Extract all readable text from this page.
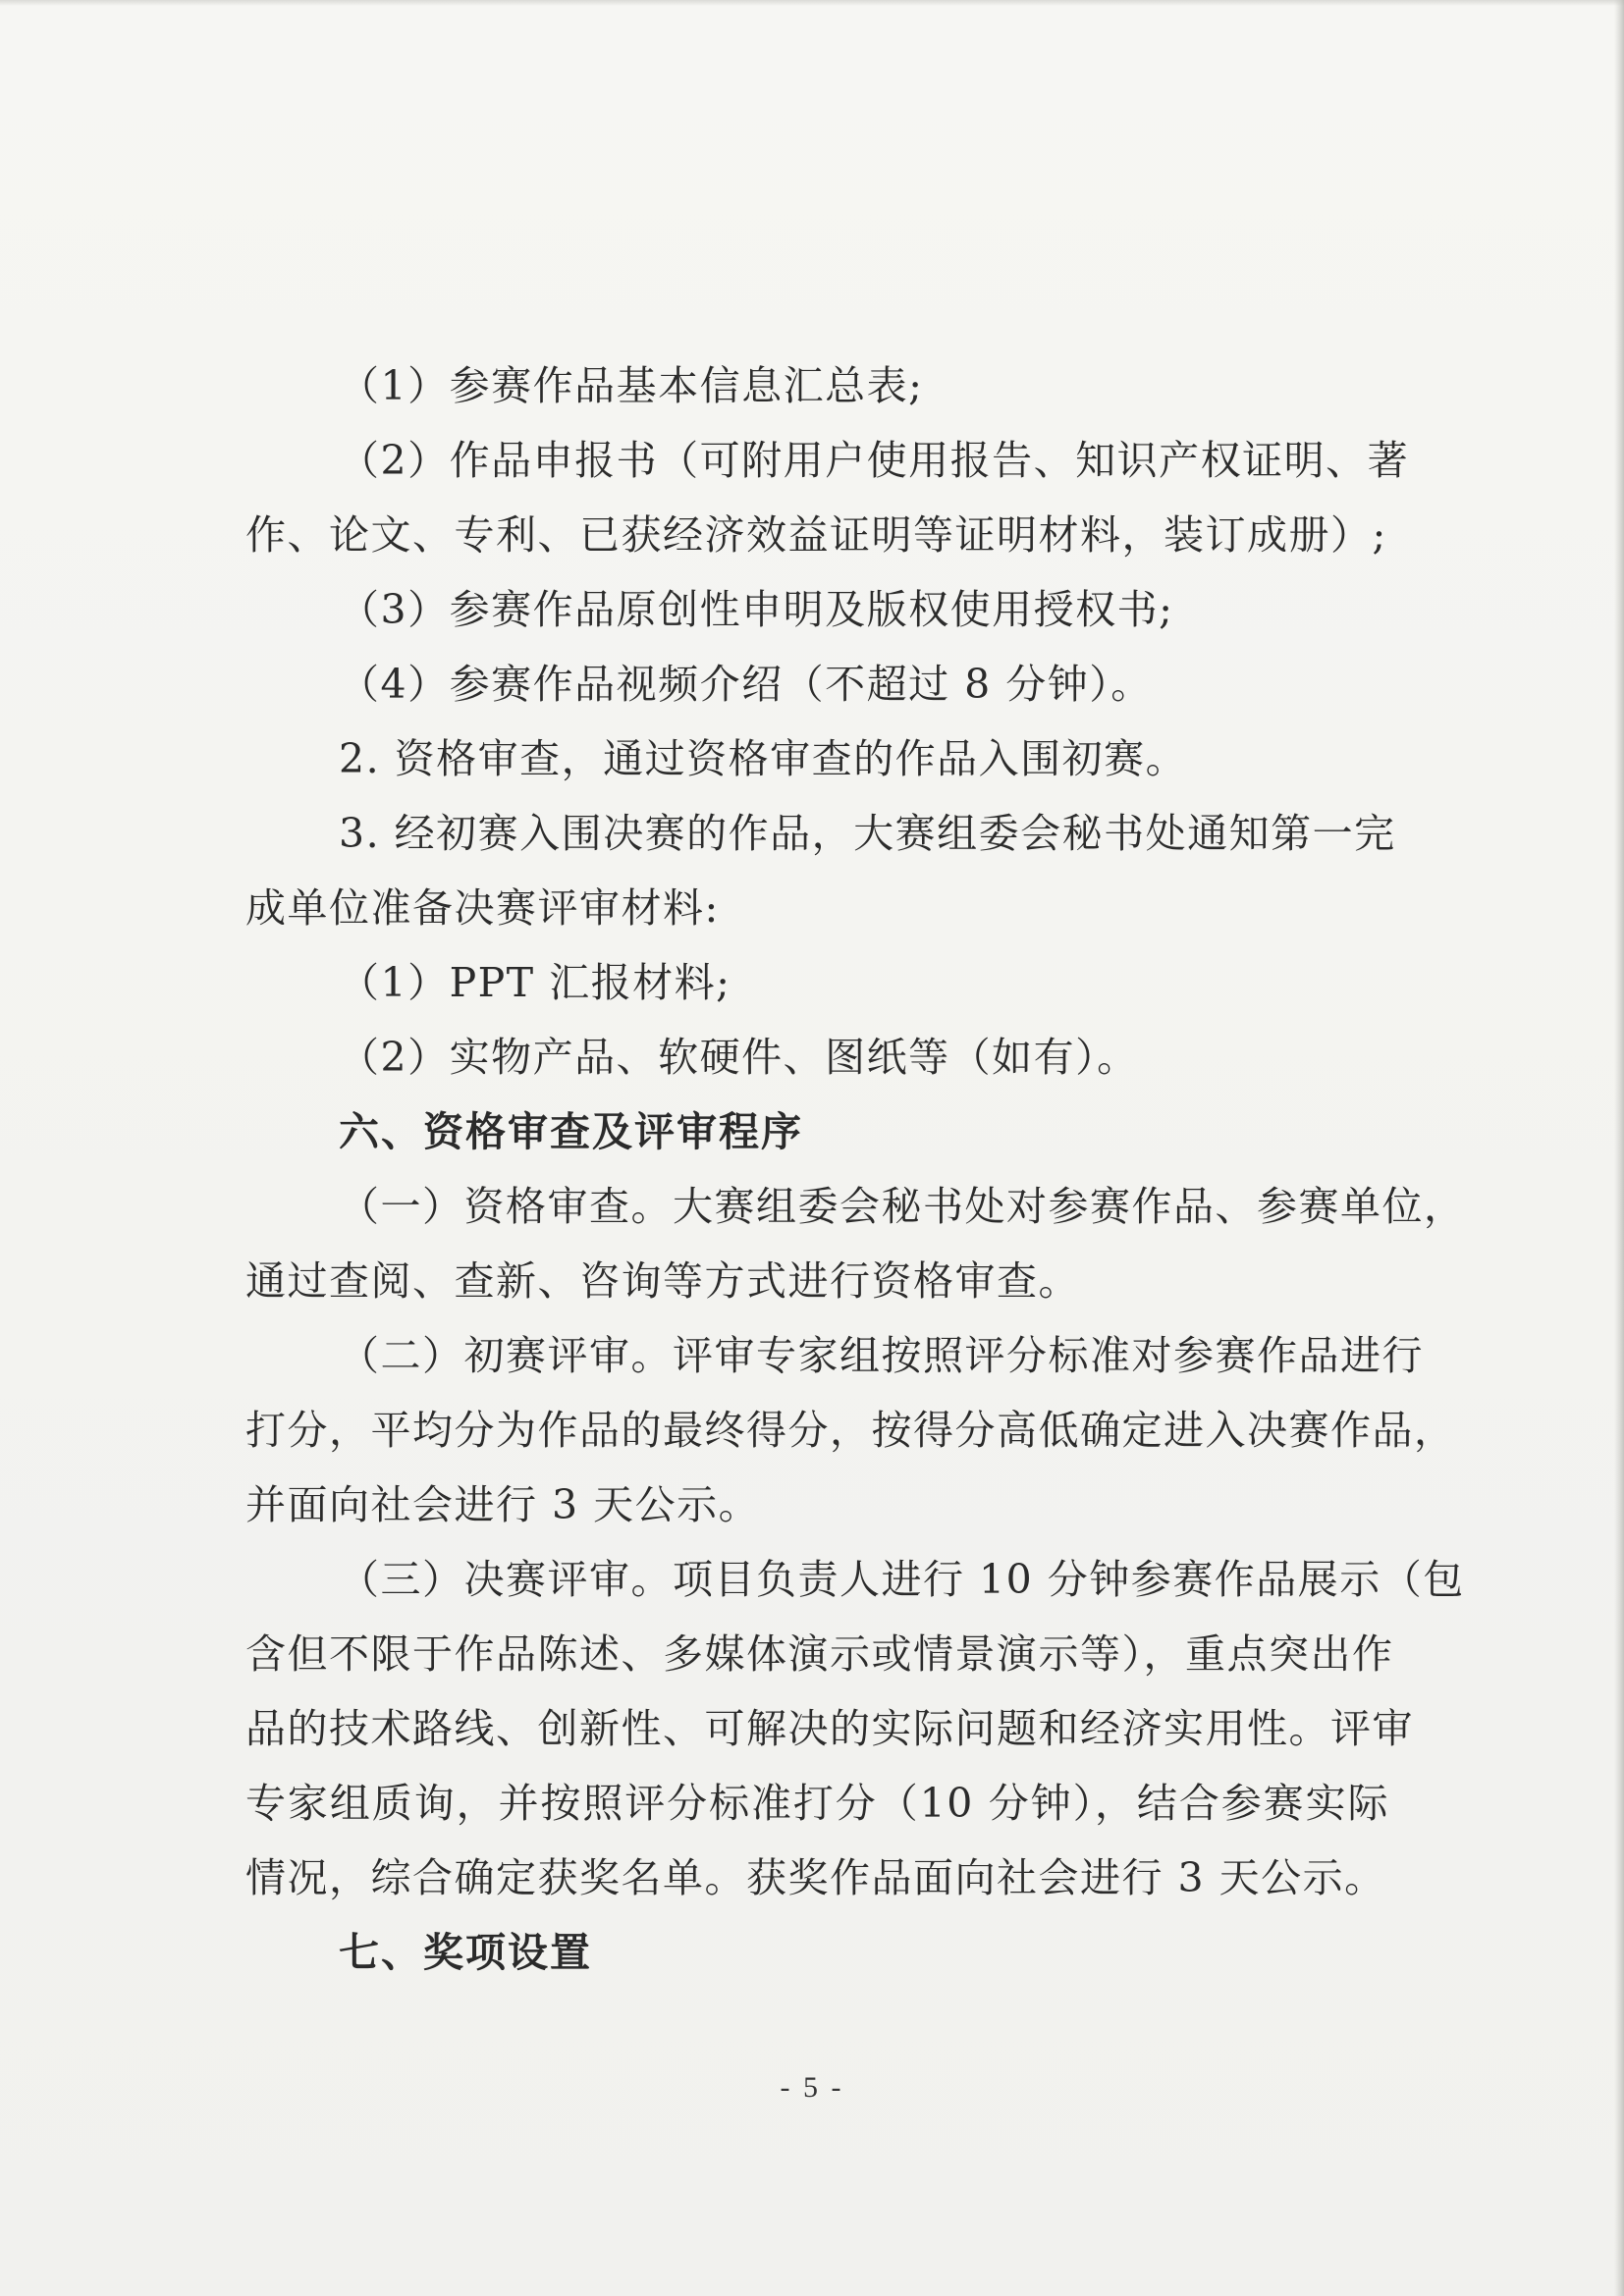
（1）参赛作品基本信息汇总表;
（2）作品申报书（可附用户使用报告、知识产权证明、著
作、论文、专利、已获经济效益证明等证明材料，装订成册）;
（3）参赛作品原创性申明及版权使用授权书;
（4）参赛作品视频介绍（不超过 8 分钟）。
2. 资格审查，通过资格审查的作品入围初赛。
3. 经初赛入围决赛的作品，大赛组委会秘书处通知第一完
成单位准备决赛评审材料:
（1）PPT 汇报材料;
（2）实物产品、软硬件、图纸等（如有）。
六、资格审查及评审程序
（一）资格审查。大赛组委会秘书处对参赛作品、参赛单位，
通过查阅、查新、咨询等方式进行资格审查。
（二）初赛评审。评审专家组按照评分标准对参赛作品进行
打分，平均分为作品的最终得分，按得分高低确定进入决赛作品，
并面向社会进行 3 天公示。
（三）决赛评审。项目负责人进行 10 分钟参赛作品展示（包
含但不限于作品陈述、多媒体演示或情景演示等），重点突出作
品的技术路线、创新性、可解决的实际问题和经济实用性。评审
专家组质询，并按照评分标准打分（10 分钟），结合参赛实际
情况，综合确定获奖名单。获奖作品面向社会进行 3 天公示。
七、奖项设置
- 5 -
